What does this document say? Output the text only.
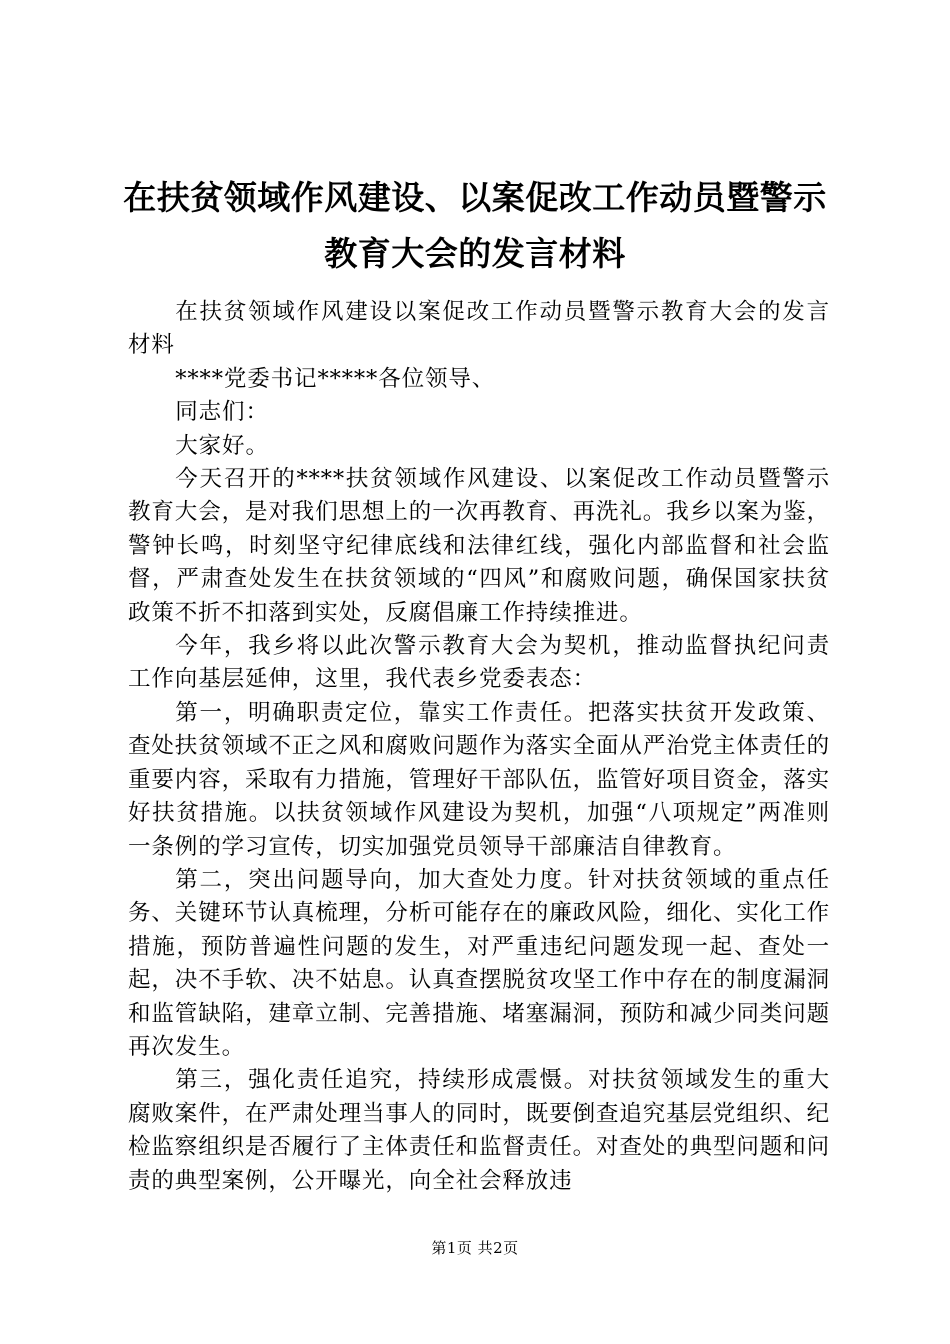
在扶贫领域作风建设、以案促改工作动员暨警示教育大会的发言材料

在扶贫领域作风建设以案促改工作动员暨警示教育大会的发言材料

****党委书记*****各位领导、

同志们：

大家好。

今天召开的****扶贫领域作风建设、以案促改工作动员暨警示教育大会，是对我们思想上的一次再教育、再洗礼。我乡以案为鉴，警钟长鸣，时刻坚守纪律底线和法律红线，强化内部监督和社会监督，严肃查处发生在扶贫领域的“四风”和腐败问题，确保国家扶贫政策不折不扣落到实处，反腐倡廉工作持续推进。

今年，我乡将以此次警示教育大会为契机，推动监督执纪问责工作向基层延伸，这里，我代表乡党委表态：

第一，明确职责定位，靠实工作责任。把落实扶贫开发政策、查处扶贫领域不正之风和腐败问题作为落实全面从严治党主体责任的重要内容，采取有力措施，管理好干部队伍，监管好项目资金，落实好扶贫措施。以扶贫领域作风建设为契机，加强“八项规定”两准则一条例的学习宣传，切实加强党员领导干部廉洁自律教育。

第二，突出问题导向，加大查处力度。针对扶贫领域的重点任务、关键环节认真梳理，分析可能存在的廉政风险，细化、实化工作措施，预防普遍性问题的发生，对严重违纪问题发现一起、查处一起，决不手软、决不姑息。认真查摆脱贫攻坚工作中存在的制度漏洞和监管缺陷，建章立制、完善措施、堵塞漏洞，预防和减少同类问题再次发生。

第三，强化责任追究，持续形成震慑。对扶贫领域发生的重大腐败案件，在严肃处理当事人的同时，既要倒查追究基层党组织、纪检监察组织是否履行了主体责任和监督责任。对查处的典型问题和问责的典型案例，公开曝光，向全社会释放违

第1页 共2页
